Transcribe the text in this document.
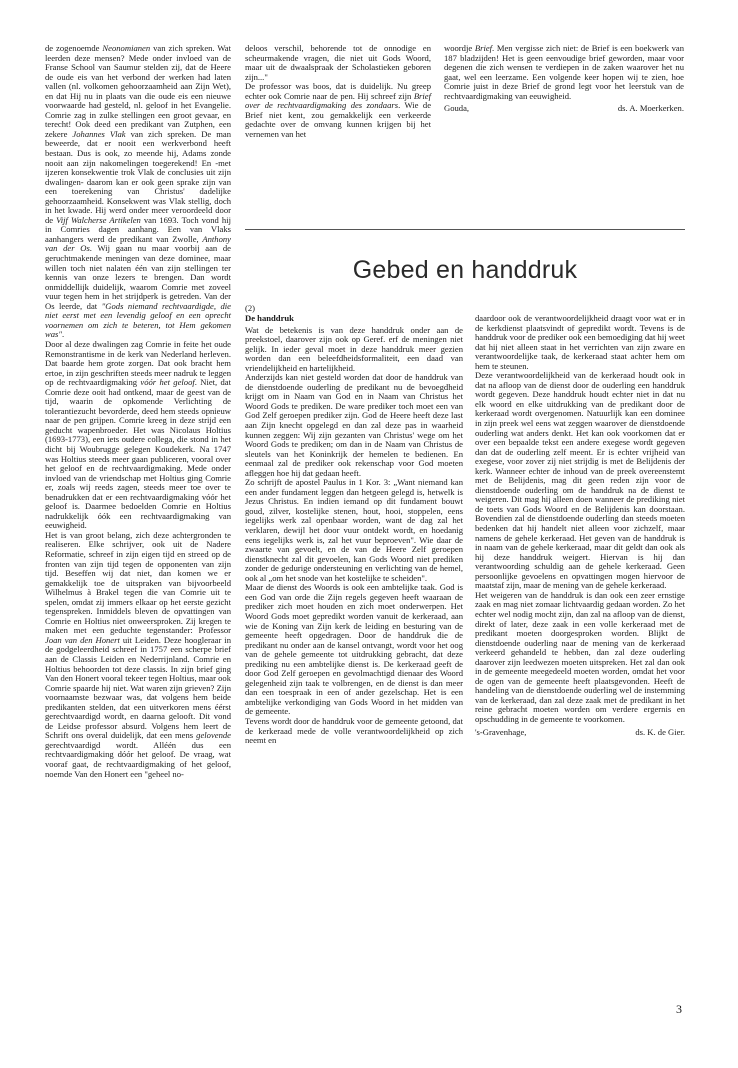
de zogenoemde Neonomianen van zich spreken. Wat leerden deze mensen? Mede onder invloed van de Franse School van Saumur stelden zij, dat de Heere de oude eis van het verbond der werken had laten vallen (nl. volkomen gehoorzaamheid aan Zijn Wet), en dat Hij nu in plaats van die oude eis een nieuwe voorwaarde had gesteld, nl. geloof in het Evangelie. Comrie zag in zulke stellingen een groot gevaar, en terecht! Ook deed een predikant van Zutphen, een zekere Johannes Vlak van zich spreken. De man beweerde, dat er nooit een werkverbond heeft bestaan. Dus is ook, zo meende hij, Adams zonde nooit aan zijn nakomelingen toegerekend! En -met ijzeren konsekwentie trok Vlak de conclusies uit zijn dwalingen- daarom kan er ook geen sprake zijn van een toerekening van Christus' dadelijke gehoorzaamheid. Konsekwent was Vlak stellig, doch in het kwade. Hij werd onder meer veroordeeld door de Vijf Walcherse Artikelen van 1693. Toch vond hij in Comries dagen aanhang. Een van Vlaks aanhangers werd de predikant van Zwolle, Anthony van der Os. Wij gaan nu maar voorbij aan de geruchtmakende meningen van deze dominee, maar willen toch niet nalaten één van zijn stellingen ter kennis van onze lezers te brengen. Dan wordt onmiddellijk duidelijk, waarom Comrie met zoveel vuur tegen hem in het strijdperk is getreden. Van der Os leerde, dat "Gods niemand rechtvaardigde, die niet eerst met een levendig geloof en een oprecht voornemen om zich te beteren, tot Hem gekomen was".

Door al deze dwalingen zag Comrie in feite het oude Remonstrantisme in de kerk van Nederland herleven. Dat baarde hem grote zorgen. Dat ook bracht hem ertoe, in zijn geschriften steeds meer nadruk te leggen op de rechtvaardigmaking vóór het geloof. Niet, dat Comrie deze ooit had ontkend, maar de geest van de tijd, waarin de opkomende Verlichting de tolerantiezucht bevorderde, deed hem steeds opnieuw naar de pen grijpen. Comrie kreeg in deze strijd een geducht wapenbroeder. Het was Nicolaus Holtius (1693-1773), een iets oudere collega, die stond in het dicht bij Woubrugge gelegen Koudekerk. Na 1747 was Holtius steeds meer gaan publiceren, vooral over het geloof en de rechtvaardigmaking. Mede onder invloed van de vriendschap met Holtius ging Comrie er, zoals wij reeds zagen, steeds meer toe over te benadrukken dat er een rechtvaardigmaking vóór het geloof is. Daarmee bedoelden Comrie en Holtius nadrukkelijk óók een rechtvaardigmaking van eeuwigheid.

Het is van groot belang, zich deze achtergronden te realiseren. Elke schrijver, ook uit de Nadere Reformatie, schreef in zijn eigen tijd en streed op de fronten van zijn tijd tegen de opponenten van zijn tijd. Beseffen wij dat niet, dan komen we er gemakkelijk toe de uitspraken van bijvoorbeeld Wilhelmus à Brakel tegen die van Comrie uit te spelen, omdat zij immers elkaar op het eerste gezicht tegenspreken. Inmiddels bleven de opvattingen van Comrie en Holtius niet onweersproken. Zij kregen te maken met een geduchte tegenstander: Professor Joan van den Honert uit Leiden. Deze hoogleraar in de godgeleerdheid schreef in 1757 een scherpe brief aan de Classis Leiden en Nederrijnland. Comrie en Holtius behoorden tot deze classis. In zijn brief ging Van den Honert vooral tekeer tegen Holtius, maar ook Comrie spaarde hij niet. Wat waren zijn grieven? Zijn voornaamste bezwaar was, dat volgens hem beide predikanten stelden, dat een uitverkoren mens éérst gerechtvaardigd wordt, en daarna gelooft. Dit vond de Leidse professor absurd. Volgens hem leert de Schrift ons overal duidelijk, dat een mens gelovende gerechtvaardigd wordt. Alléén dus een rechtvaardigmaking dóór het geloof. De vraag, wat vooraf gaat, de rechtvaardigmaking of het geloof, noemde Van den Honert een "geheel no-

deloos verschil, behorende tot de onnodige en scheurmakende vragen, die niet uit Gods Woord, maar uit de dwaalspraak der Scholastieken geboren zijn..."

De professor was boos, dat is duidelijk. Nu greep echter ook Comrie naar de pen. Hij schreef zijn Brief over de rechtvaardigmaking des zondaars. Wie de Brief niet kent, zou gemakkelijk een verkeerde gedachte over de omvang kunnen krijgen bij het vernemen van het

woordje Brief. Men vergisse zich niet: de Brief is een boekwerk van 187 bladzijden! Het is geen eenvoudige brief geworden, maar voor degenen die zich wensen te verdiepen in de zaken waarover het nu gaat, wel een leerzame. Een volgende keer hopen wij te zien, hoe Comrie juist in deze Brief de grond legt voor het leerstuk van de rechtvaardigmaking van eeuwigheid.

Gouda,	ds. A. Moerkerken.
Gebed en handdruk
(2)

De handdruk

Wat de betekenis is van deze handdruk onder aan de preekstoel, daarover zijn ook op Geref. erf de meningen niet gelijk. In ieder geval moet in deze handdruk meer gezien worden dan een beleefdheidsformaliteit, een daad van vriendelijkheid en hartelijkheid.

Anderzijds kan niet gesteld worden dat door de handdruk van de dienstdoende ouderling de predikant nu de bevoegdheid krijgt om in Naam van God en in Naam van Christus het Woord Gods te prediken. De ware prediker toch moet een van God Zelf geroepen prediker zijn. God de Heere heeft deze last aan Zijn knecht opgelegd en dan zal deze pas in waarheid kunnen zeggen: Wij zijn gezanten van Christus' wege om het Woord Gods te prediken; om dan in de Naam van Christus de sleutels van het Koninkrijk der hemelen te bedienen. En eenmaal zal de prediker ook rekenschap voor God moeten afleggen hoe hij dat gedaan heeft.

Zo schrijft de apostel Paulus in 1 Kor. 3: „Want niemand kan een ander fundament leggen dan hetgeen gelegd is, hetwelk is Jezus Christus. En indien iemand op dit fundament bouwt goud, zilver, kostelijke stenen, hout, hooi, stoppelen, eens iegelijks werk zal openbaar worden, want de dag zal het verklaren, dewijl het door vuur ontdekt wordt, en hoedanig eens iegelijks werk is, zal het vuur beproeven". Wie daar de zwaarte van gevoelt, en de van de Heere Zelf geroepen dienstknecht zal dit gevoelen, kan Gods Woord niet prediken zonder de gedurige ondersteuning en verlichting van de hemel, ook al „om het snode van het kostelijke te scheiden".

Maar de dienst des Woords is ook een ambtelijke taak. God is een God van orde die Zijn regels gegeven heeft waaraan de prediker zich moet houden en zich moet onderwerpen. Het Woord Gods moet gepredikt worden vanuit de kerkeraad, aan wie de Koning van Zijn kerk de leiding en besturing van de gemeente heeft opgedragen. Door de handdruk die de predikant nu onder aan de kansel ontvangt, wordt voor het oog van de gehele gemeente tot uitdrukking gebracht, dat deze prediking nu een ambtelijke dienst is. De kerkeraad geeft de door God Zelf geroepen en gevolmachtigd dienaar des Woord gelegenheid zijn taak te volbrengen, en de dienst is dan meer dan een toespraak in een of ander gezelschap. Het is een ambtelijke verkondiging van Gods Woord in het midden van de gemeente.

Tevens wordt door de handdruk voor de gemeente getoond, dat de kerkeraad mede de volle verantwoordelijkheid op zich neemt en

daardoor ook de verantwoordelijkheid draagt voor wat er in de kerkdienst plaatsvindt of gepredikt wordt. Tevens is de handdruk voor de prediker ook een bemoediging dat hij weet dat hij niet alleen staat in het verrichten van zijn zware en verantwoordelijke taak, de kerkeraad staat achter hem om hem te steunen.

Deze verantwoordelijkheid van de kerkeraad houdt ook in dat na afloop van de dienst door de ouderling een handdruk wordt gegeven. Deze handdruk houdt echter niet in dat nu elk woord en elke uitdrukking van de predikant door de kerkeraad wordt overgenomen. Natuurlijk kan een dominee in zijn preek wel eens wat zeggen waarover de dienstdoende ouderling wat anders denkt. Het kan ook voorkomen dat er over een bepaalde tekst een andere exegese wordt gegeven dan dat de ouderling zelf meent. Er is echter vrijheid van exegese, voor zover zij niet strijdig is met de Belijdenis der kerk. Wanneer echter de inhoud van de preek overeenstemt met de Belijdenis, mag dit geen reden zijn voor de dienstdoende ouderling om de handdruk na de dienst te weigeren. Dit mag hij alleen doen wanneer de prediking niet de toets van Gods Woord en de Belijdenis kan doorstaan. Bovendien zal de dienstdoende ouderling dan steeds moeten bedenken dat hij handelt niet alleen voor zichzelf, maar namens de gehele kerkeraad. Het geven van de handdruk is in naam van de gehele kerkeraad, maar dit geldt dan ook als hij deze handdruk weigert. Hiervan is hij dan verantwoording schuldig aan de gehele kerkeraad. Geen persoonlijke gevoelens en opvattingen mogen hiervoor de maatstaf zijn, maar de mening van de gehele kerkeraad.

Het weigeren van de handdruk is dan ook een zeer ernstige zaak en mag niet zomaar lichtvaardig gedaan worden. Zo het echter wel nodig mocht zijn, dan zal na afloop van de dienst, direkt of later, deze zaak in een volle kerkeraad met de predikant moeten doorgesproken worden. Blijkt de dienstdoende ouderling naar de mening van de kerkeraad verkeerd gehandeld te hebben, dan zal deze ouderling daarover zijn leedwezen moeten uitspreken. Het zal dan ook in de gemeente meegedeeld moeten worden, omdat het voor de ogen van de gemeente heeft plaatsgevonden. Heeft de handeling van de dienstdoende ouderling wel de instemming van de kerkeraad, dan zal deze zaak met de predikant in het reine gebracht moeten worden om verdere ergernis en opschudding in de gemeente te voorkomen.

's-Gravenhage,	ds. K. de Gier.
3
